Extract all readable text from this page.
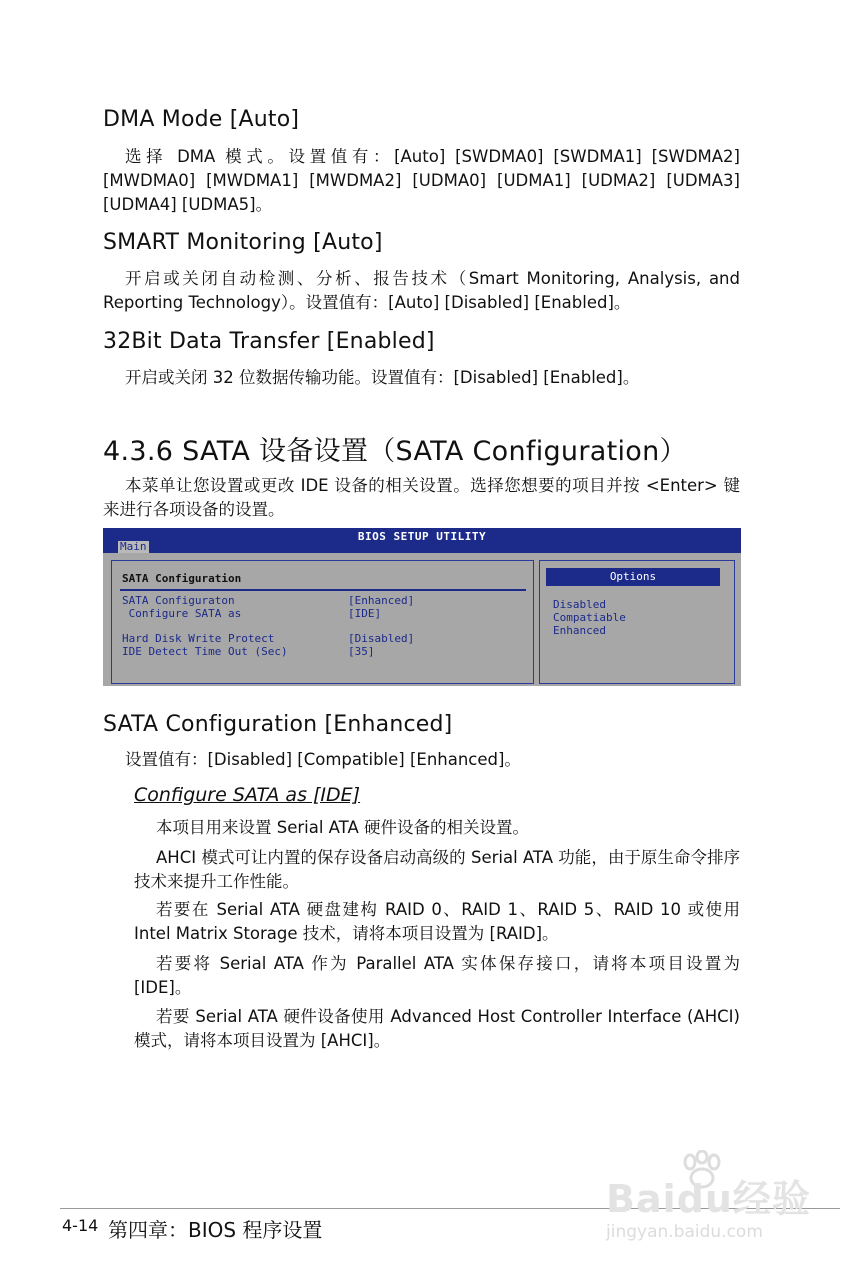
DMA Mode [Auto]

选择 DMA 模式。设置值有：[Auto] [SWDMA0] [SWDMA1] [SWDMA2] [MWDMA0] [MWDMA1] [MWDMA2] [UDMA0] [UDMA1] [UDMA2] [UDMA3] [UDMA4] [UDMA5]。

SMART Monitoring [Auto]

开启或关闭自动检测、分析、报告技术（Smart Monitoring, Analysis, and Reporting Technology）。设置值有：[Auto] [Disabled] [Enabled]。

32Bit Data Transfer [Enabled]

开启或关闭 32 位数据传输功能。设置值有：[Disabled] [Enabled]。

4.3.6 SATA 设备设置（SATA Configuration）

本菜单让您设置或更改 IDE 设备的相关设置。选择您想要的项目并按 <Enter> 键来进行各项设备的设置。

BIOS SETUP UTILITY
Main
SATA Configuration
SATA Configuraton	[Enhanced]
Configure SATA as	[IDE]
Hard Disk Write Protect	[Disabled]
IDE Detect Time Out (Sec)	[35]
Options
Disabled
Compatiable
Enhanced
SATA Configuration [Enhanced]

设置值有：[Disabled] [Compatible] [Enhanced]。

Configure SATA as [IDE]

本项目用来设置 Serial ATA 硬件设备的相关设置。

AHCI 模式可让内置的保存设备启动高级的 Serial ATA 功能，由于原生命令排序技术来提升工作性能。

若要在 Serial ATA 硬盘建构 RAID 0、RAID 1、RAID 5、RAID 10 或使用 Intel Matrix Storage 技术，请将本项目设置为 [RAID]。

若要将 Serial ATA 作为 Parallel ATA 实体保存接口，请将本项目设置为 [IDE]。

若要 Serial ATA 硬件设备使用 Advanced Host Controller Interface (AHCI) 模式，请将本项目设置为 [AHCI]。

4-14 第四章：BIOS 程序设置
Baidu经验
jingyan.baidu.com
